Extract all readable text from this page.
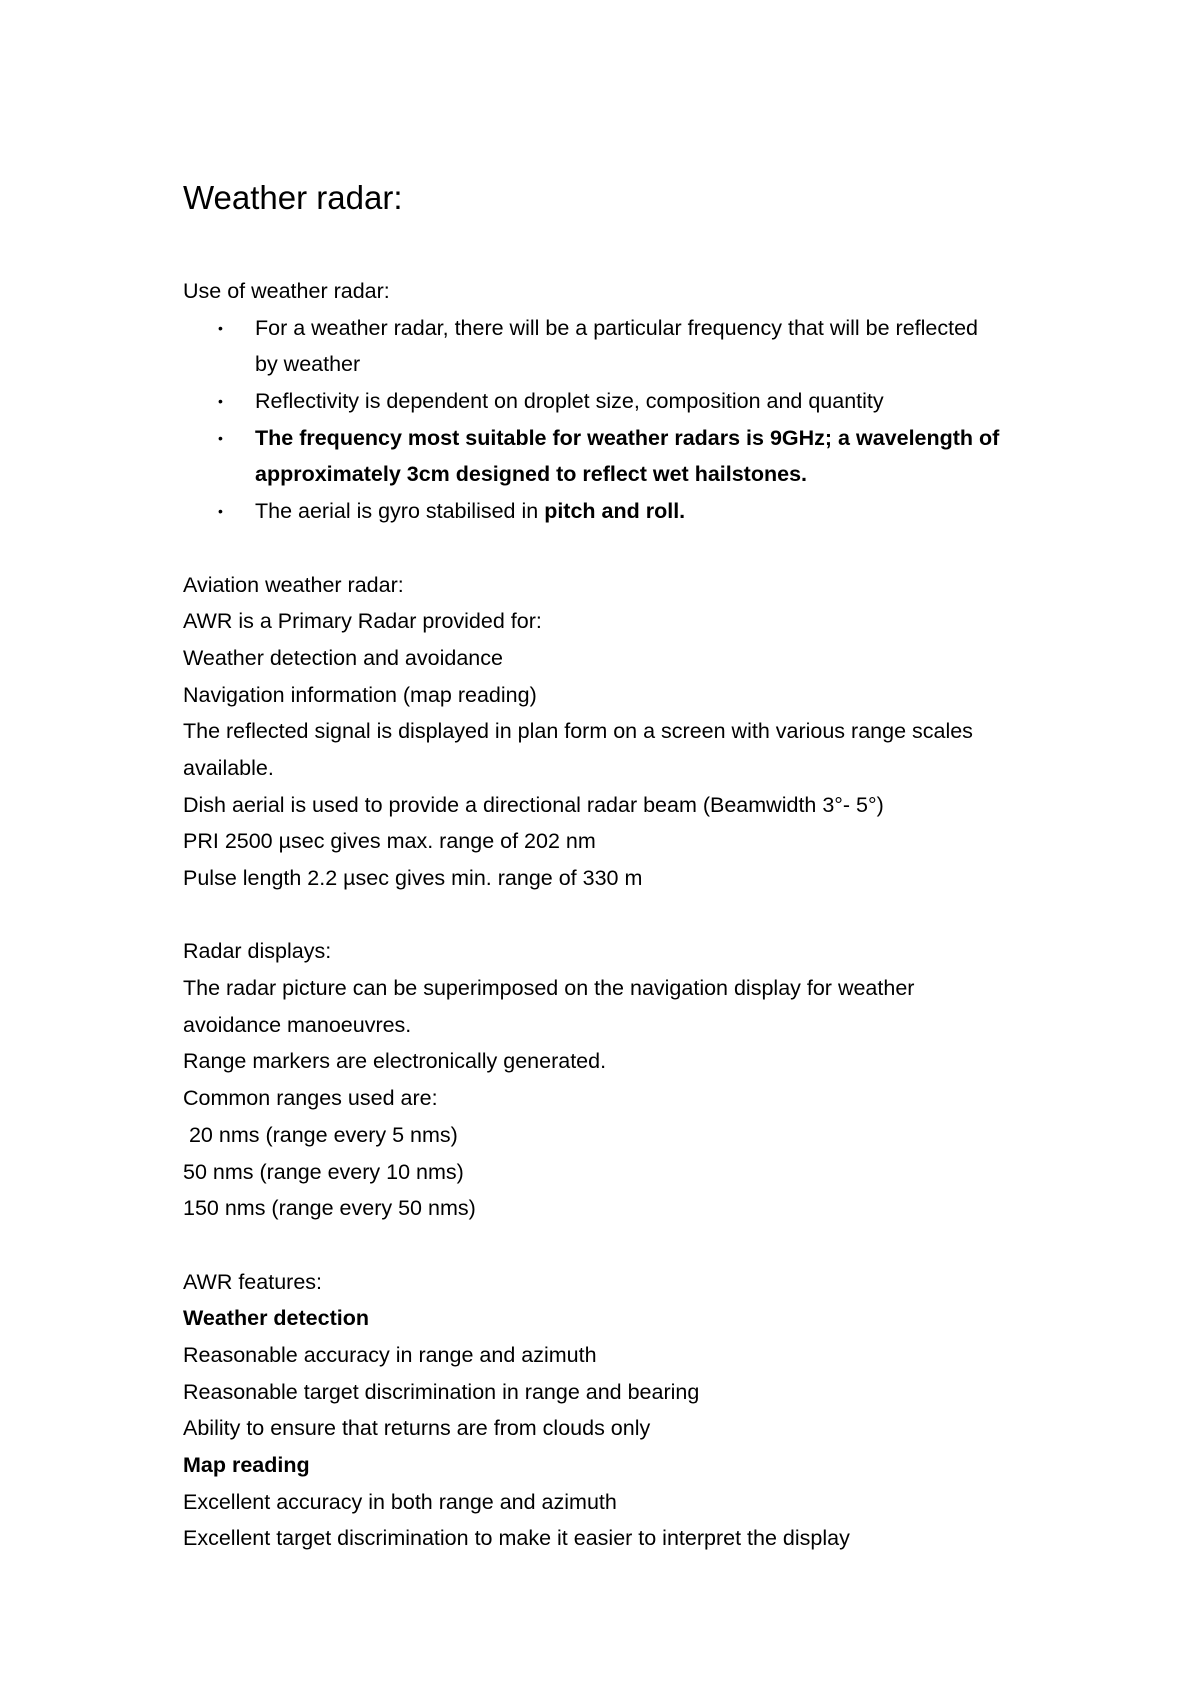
Weather radar:
Use of weather radar:
• For a weather radar, there will be a particular frequency that will be reflected
by weather
• Reflectivity is dependent on droplet size, composition and quantity
• The frequency most suitable for weather radars is 9GHz; a wavelength of
approximately 3cm designed to reflect wet hailstones.
• The aerial is gyro stabilised in pitch and roll.
Aviation weather radar:
AWR is a Primary Radar provided for:
Weather detection and avoidance
Navigation information (map reading)
The reflected signal is displayed in plan form on a screen with various range scales
available.
Dish aerial is used to provide a directional radar beam (Beamwidth 3°- 5°)
PRI 2500 µsec gives max. range of 202 nm
Pulse length 2.2 µsec gives min. range of 330 m
Radar displays:
The radar picture can be superimposed on the navigation display for weather
avoidance manoeuvres.
Range markers are electronically generated.
Common ranges used are:
20 nms (range every 5 nms)
50 nms (range every 10 nms)
150 nms (range every 50 nms)
AWR features:
Weather detection
Reasonable accuracy in range and azimuth
Reasonable target discrimination in range and bearing
Ability to ensure that returns are from clouds only
Map reading
Excellent accuracy in both range and azimuth
Excellent target discrimination to make it easier to interpret the display
